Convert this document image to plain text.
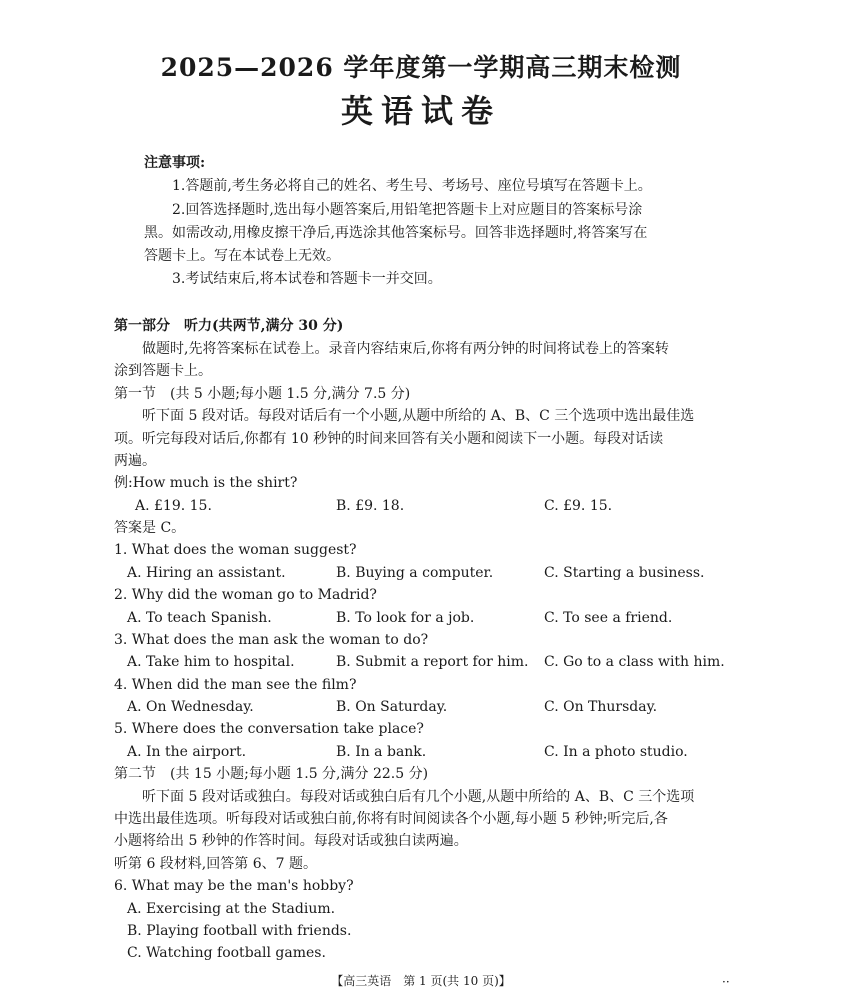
2025—2026 学年度第一学期高三期末检测
英语试卷
注意事项:
1.答题前,考生务必将自己的姓名、考生号、考场号、座位号填写在答题卡上。
2.回答选择题时,选出每小题答案后,用铅笔把答题卡上对应题目的答案标号涂
黑。如需改动,用橡皮擦干净后,再选涂其他答案标号。回答非选择题时,将答案写在
答题卡上。写在本试卷上无效。
3.考试结束后,将本试卷和答题卡一并交回。
第一部分　听力(共两节,满分 30 分)
做题时,先将答案标在试卷上。录音内容结束后,你将有两分钟的时间将试卷上的答案转
涂到答题卡上。
第一节　(共 5 小题;每小题 1.5 分,满分 7.5 分)
听下面 5 段对话。每段对话后有一个小题,从题中所给的 A、B、C 三个选项中选出最佳选
项。听完每段对话后,你都有 10 秒钟的时间来回答有关小题和阅读下一小题。每段对话读
两遍。
例:How much is the shirt?
A. £19. 15.	B. £9. 18.	C. £9. 15.
答案是 C。
1. What does the woman suggest?
A. Hiring an assistant.	B. Buying a computer.	C. Starting a business.
2. Why did the woman go to Madrid?
A. To teach Spanish.	B. To look for a job.	C. To see a friend.
3. What does the man ask the woman to do?
A. Take him to hospital.	B. Submit a report for him. C. Go to a class with him.
4. When did the man see the film?
A. On Wednesday.	B. On Saturday.	C. On Thursday.
5. Where does the conversation take place?
A. In the airport.	B. In a bank.	C. In a photo studio.
第二节　(共 15 小题;每小题 1.5 分,满分 22.5 分)
听下面 5 段对话或独白。每段对话或独白后有几个小题,从题中所给的 A、B、C 三个选项
中选出最佳选项。听每段对话或独白前,你将有时间阅读各个小题,每小题 5 秒钟;听完后,各
小题将给出 5 秒钟的作答时间。每段对话或独白读两遍。
听第 6 段材料,回答第 6、7 题。
6. What may be the man's hobby?
A. Exercising at the Stadium.
B. Playing football with friends.
C. Watching football games.
【高三英语　第 1 页(共 10 页)】	··
